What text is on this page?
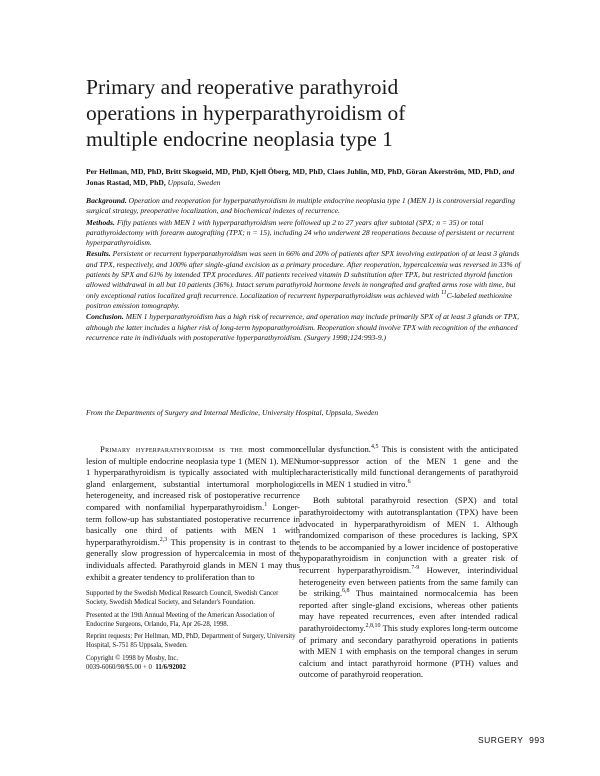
Primary and reoperative parathyroid
operations in hyperparathyroidism of
multiple endocrine neoplasia type 1
Per Hellman, MD, PhD, Britt Skogseid, MD, PhD, Kjell Öberg, MD, PhD, Claes Juhlin, MD, PhD, Göran Åkerström, MD, PhD, and Jonas Rastad, MD, PhD, Uppsala, Sweden

Background. Operation and reoperation for hyperparathyroidism in multiple endocrine neoplasia type 1 (MEN 1) is controversial regarding surgical strategy, preoperative localization, and biochemical indexes of recurrence.

Methods. Fifty patients with MEN 1 with hyperparathyroidism were followed up 2 to 27 years after subtotal (SPX; n = 35) or total parathyroidectomy with forearm autografting (TPX; n = 15), including 24 who underwent 28 reoperations because of persistent or recurrent hyperparathyroidism.

Results. Persistent or recurrent hyperparathyroidism was seen in 66% and 20% of patients after SPX involving extirpation of at least 3 glands and TPX, respectively, and 100% after single-gland excision as a primary procedure. After reoperation, hypercalcemia was reversed in 33% of patients by SPX and 61% by intended TPX procedures. All patients received vitamin D substitution after TPX, but restricted thyroid function allowed withdrawal in all but 10 patients (36%). Intact serum parathyroid hormone levels in nongrafted and grafted arms rose with time, but only exceptional ratios localized graft recurrence. Localization of recurrent hyperparathyroidism was achieved with $^{11}$C-labeled methionine positron emission tomography.

Conclusion. MEN 1 hyperparathyroidism has a high risk of recurrence, and operation may include primarily SPX of at least 3 glands or TPX, although the latter includes a higher risk of long-term hypoparathyroidism. Reoperation should involve TPX with recognition of the enhanced recurrence rate in individuals with postoperative hyperparathyroidism. (Surgery 1998;124:993-9.)

From the Departments of Surgery and Internal Medicine, University Hospital, Uppsala, Sweden

Primary hyperparathyroidism is the most common lesion of multiple endocrine neoplasia type 1 (MEN 1). MEN 1 hyperparathyroidism is typically associated with multiple gland enlargement, substantial intertumoral morphologic heterogeneity, and increased risk of postoperative recurrence compared with nonfamilial hyperparathyroidism.$^1$ Longer-term follow-up has substantiated postoperative recurrence in basically one third of patients with MEN 1 with hyperparathyroidism.$^{2,3}$ This propensity is in contrast to the generally slow progression of hypercalcemia in most of the individuals affected. Parathyroid glands in MEN 1 may thus exhibit a greater tendency to proliferation than to

Supported by the Swedish Medical Research Council, Swedish Cancer Society, Swedish Medical Society, and Selander's Foundation.

Presented at the 19th Annual Meeting of the American Association of Endocrine Surgeons, Orlando, Fla, Apr 26-28, 1998.

Reprint requests: Per Hellman, MD, PhD, Department of Surgery, University Hospital, S-751 85 Uppsala, Sweden.

Copyright © 1998 by Mosby, Inc.

0039-6060/98/$5.00 + 0 11/6/92002

cellular dysfunction.$^{4,5}$ This is consistent with the anticipated tumor-suppressor action of the MEN 1 gene and the characteristically mild functional derangements of parathyroid cells in MEN 1 studied in vitro.$^6$

Both subtotal parathyroid resection (SPX) and total parathyroidectomy with autotransplantation (TPX) have been advocated in hyperparathyroidism of MEN 1. Although randomized comparison of these procedures is lacking, SPX tends to be accompanied by a lower incidence of postoperative hypoparathyroidism in conjunction with a greater risk of recurrent hyperparathyroidism.$^{7-9}$ However, interindividual heterogeneity even between patients from the same family can be striking.$^{6,8}$ Thus maintained normocalcemia has been reported after single-gland excisions, whereas other patients may have repeated recurrences, even after intended radical parathyroidectomy.$^{2,8,10}$ This study explores long-term outcome of primary and secondary parathyroid operations in patients with MEN 1 with emphasis on the temporal changes in serum calcium and intact parathyroid hormone (PTH) values and outcome of parathyroid reoperation.

SURGERY 993
